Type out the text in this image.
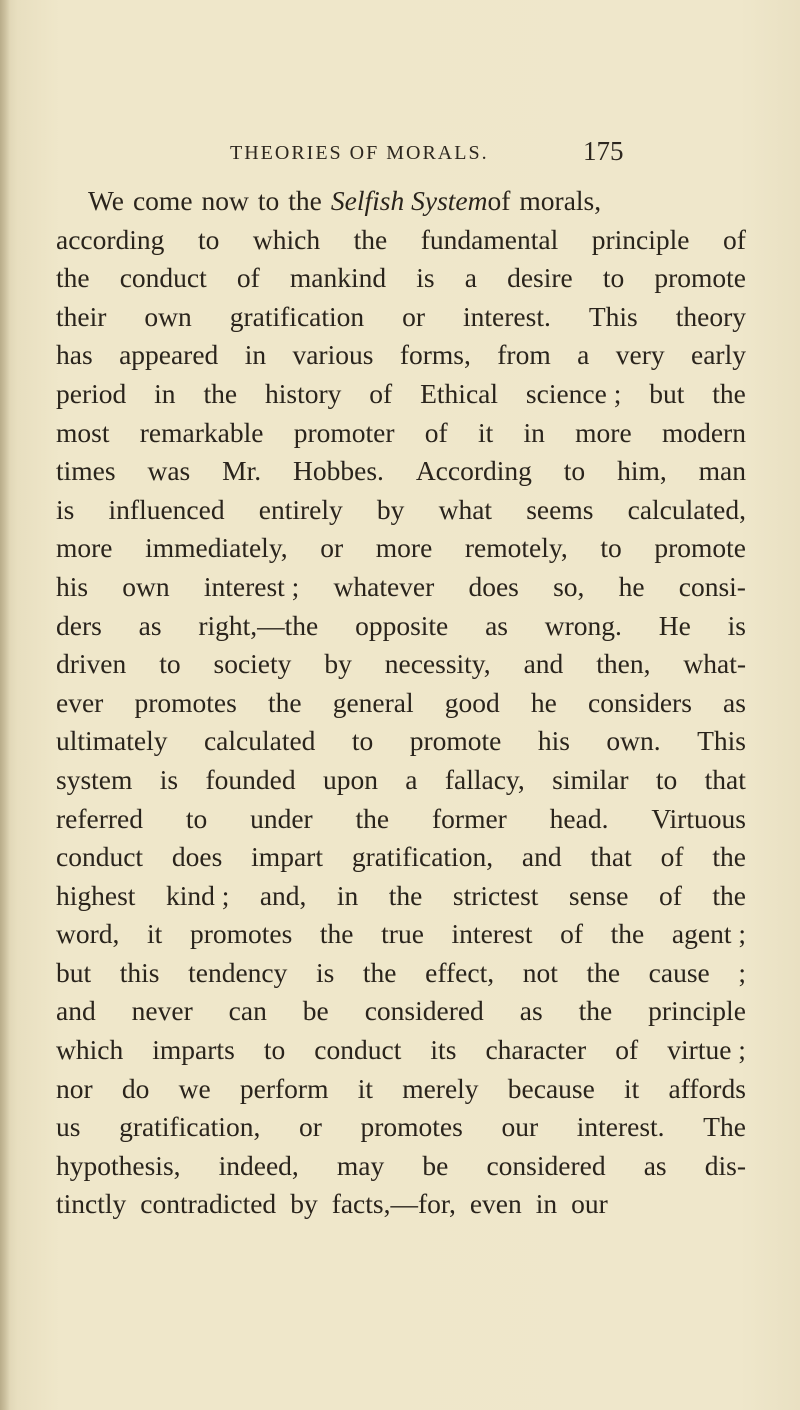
THEORIES OF MORALS.	175
We come now to the Selfish System of morals,
according to which the fundamental principle of
the conduct of mankind is a desire to promote
their own gratification or interest. This theory
has appeared in various forms, from a very early
period in the history of Ethical science ; but the
most remarkable promoter of it in more modern
times was Mr. Hobbes. According to him, man
is influenced entirely by what seems calculated,
more immediately, or more remotely, to promote
his own interest ; whatever does so, he consi-
ders as right,—the opposite as wrong. He is
driven to society by necessity, and then, what-
ever promotes the general good he considers as
ultimately calculated to promote his own. This
system is founded upon a fallacy, similar to that
referred to under the former head. Virtuous
conduct does impart gratification, and that of the
highest kind ; and, in the strictest sense of the
word, it promotes the true interest of the agent ;
but this tendency is the effect, not the cause ;
and never can be considered as the principle
which imparts to conduct its character of virtue ;
nor do we perform it merely because it affords
us gratification, or promotes our interest. The
hypothesis, indeed, may be considered as dis-
tinctly contradicted by facts,—for, even in our
